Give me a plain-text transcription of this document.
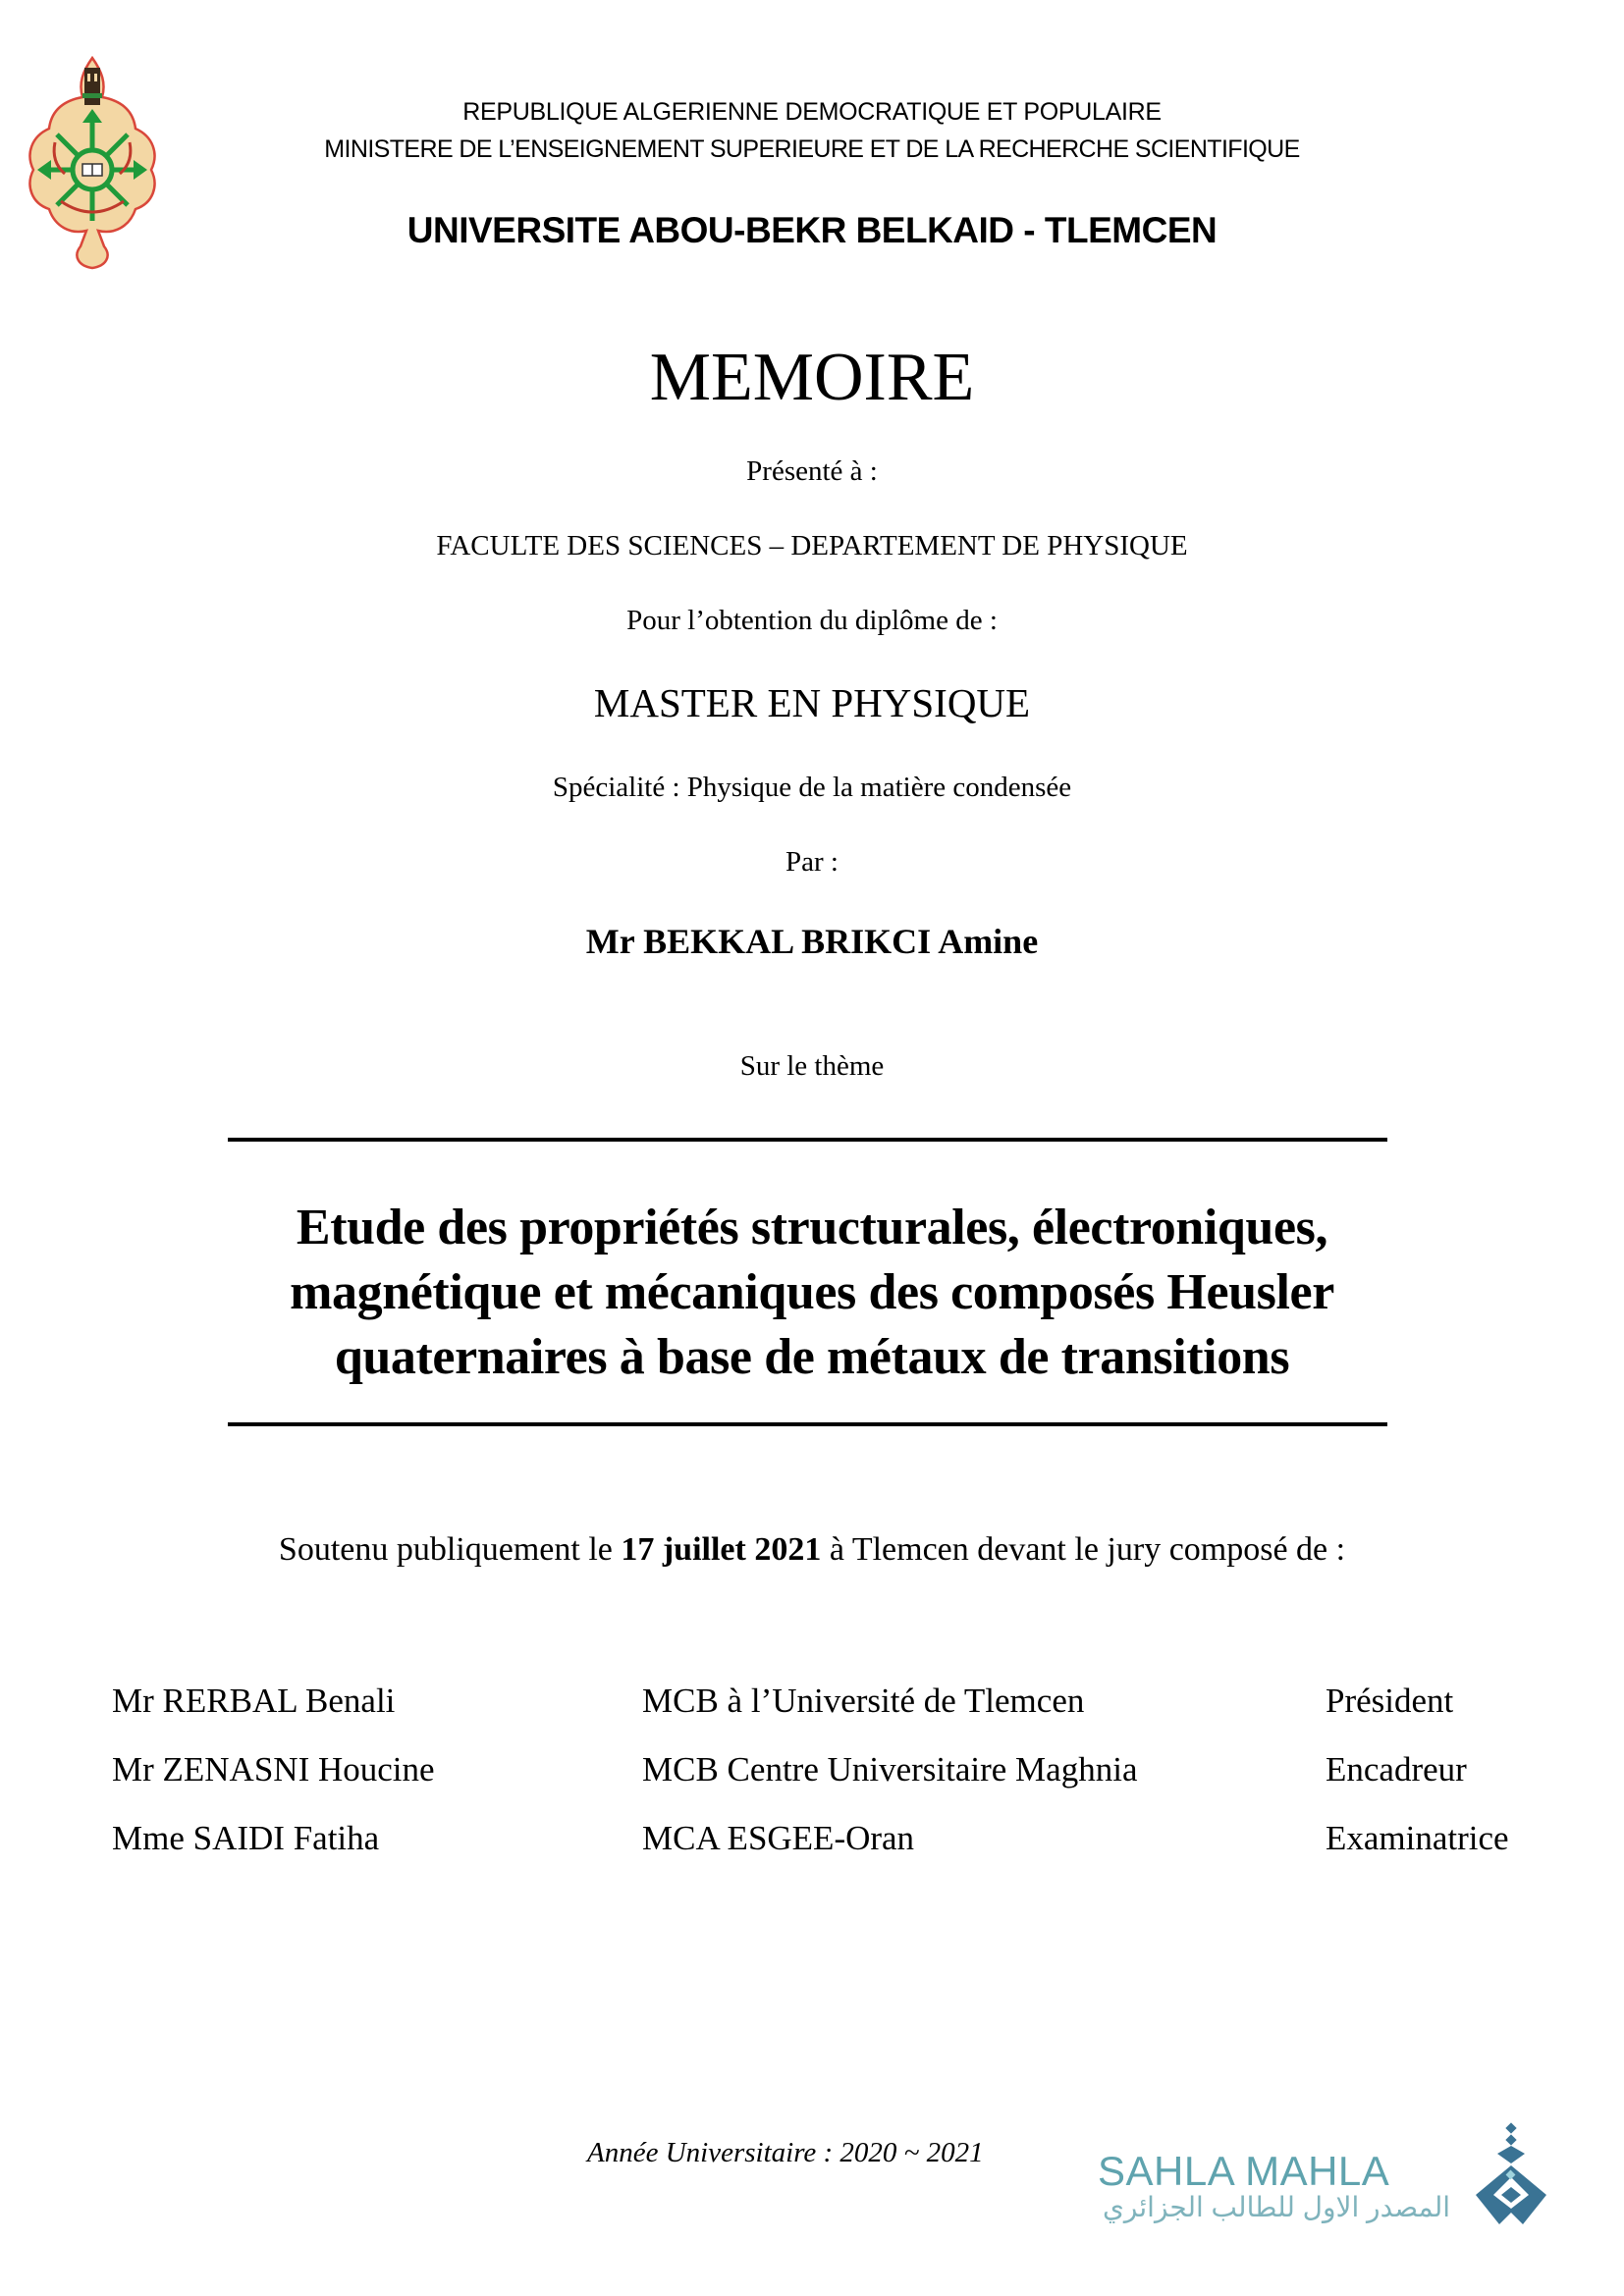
REPUBLIQUE ALGERIENNE DEMOCRATIQUE ET POPULAIRE
MINISTERE DE L’ENSEIGNEMENT SUPERIEURE ET DE LA RECHERCHE SCIENTIFIQUE
UNIVERSITE ABOU-BEKR BELKAID - TLEMCEN
MEMOIRE
Présenté à :
FACULTE DES SCIENCES – DEPARTEMENT DE PHYSIQUE
Pour l’obtention du diplôme de :
MASTER EN PHYSIQUE
Spécialité : Physique de la matière condensée
Par :
Mr BEKKAL BRIKCI Amine
Sur le thème
Etude des propriétés structurales, électroniques,
magnétique et mécaniques des composés Heusler
quaternaires à base de métaux de transitions
Soutenu publiquement le 17 juillet 2021 à Tlemcen devant le jury composé de :
Mr RERBAL Benali	MCB à l’Université de Tlemcen	Président
Mr ZENASNI Houcine	MCB Centre Universitaire Maghnia	Encadreur
Mme SAIDI Fatiha	MCA ESGEE-Oran	Examinatrice
Année Universitaire : 2020 ~ 2021	SAHLA MAHLA
المصدر الاول للطالب الجزائري
